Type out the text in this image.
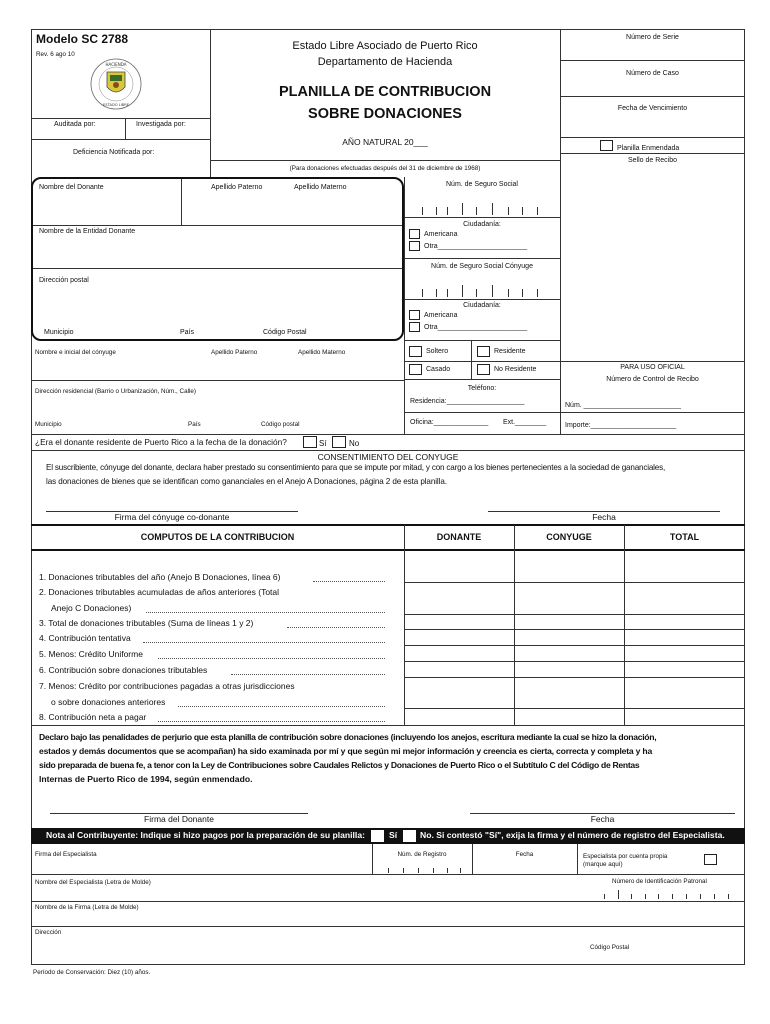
Modelo SC 2788
Rev. 6 ago 10
HACIENDA
ESTADO LIBRE
Auditada por:	Investigada por:
Deficiencia Notificada por:
Estado Libre Asociado de Puerto Rico
Departamento de Hacienda
PLANILLA DE CONTRIBUCION
SOBRE DONACIONES
AÑO NATURAL 20___
(Para donaciones efectuadas después del 31 de diciembre de 1968)
Número de Serie
Número de Caso
Fecha de Vencimiento
Planilla Enmendada
Sello de Recibo
Nombre del Donante	Apellido Paterno	Apellido Materno
Nombre de la Entidad Donante
Dirección postal
Municipio	País	Código Postal
Núm. de Seguro Social
Ciudadanía:
Americana
Otra_______________________
Núm. de Seguro Social Cónyuge
Ciudadanía:
Americana
Otra_______________________
Soltero	Residente
Casado	No Residente
Teléfono:
Residencia:____________________
Oficina:______________ Ext.________
PARA USO OFICIAL
Número de Control de Recibo
Núm. _________________________
Importe:______________________
Nombre e inicial del cónyuge	Apellido Paterno	Apellido Materno
Dirección residencial (Barrio o Urbanización, Núm., Calle)
Municipio	País	Código postal
¿Era el donante residente de Puerto Rico a la fecha de la donación?	Sí	No
CONSENTIMIENTO DEL CONYUGE
El suscribiente, cónyuge del donante, declara haber prestado su consentimiento para que se impute por mitad, y con cargo a los bienes pertenecientes a la sociedad de gananciales,
las donaciones de bienes que se identifican como gananciales en el Anejo A Donaciones, página 2 de esta planilla.
Firma del cónyuge co-donante	Fecha
COMPUTOS DE LA CONTRIBUCION	DONANTE	CONYUGE	TOTAL
1. Donaciones tributables del año (Anejo B Donaciones, línea 6)
2. Donaciones tributables acumuladas de años anteriores (Total
Anejo C Donaciones)
3. Total de donaciones tributables (Suma de líneas 1 y 2)
4. Contribución tentativa
5. Menos: Crédito Uniforme
6. Contribución sobre donaciones tributables
7. Menos: Crédito por contribuciones pagadas a otras jurisdicciones
o sobre donaciones anteriores
8. Contribución neta a pagar
Declaro bajo las penalidades de perjurio que esta planilla de contribución sobre donaciones (incluyendo los anejos, escritura mediante la cual se hizo la donación,
estados y demás documentos que se acompañan) ha sido examinada por mí y que según mi mejor información y creencia es cierta, correcta y completa y ha
sido preparada de buena fe, a tenor con la Ley de Contribuciones sobre Caudales Relictos y Donaciones de Puerto Rico o el Subtítulo C del Código de Rentas
Internas de Puerto Rico de 1994, según enmendado.
Firma del Donante	Fecha
Nota al Contribuyente: Indique si hizo pagos por la preparación de su planilla:	Sí	No. Si contestó "Sí", exija la firma y el número de registro del Especialista.
Firma del Especialista	Núm. de Registro	Fecha	Especialista por cuenta propia
(marque aquí)
Nombre del Especialista (Letra de Molde)	Número de Identificación Patronal
Nombre de la Firma (Letra de Molde)
Dirección
Código Postal
Período de Conservación: Diez (10) años.
